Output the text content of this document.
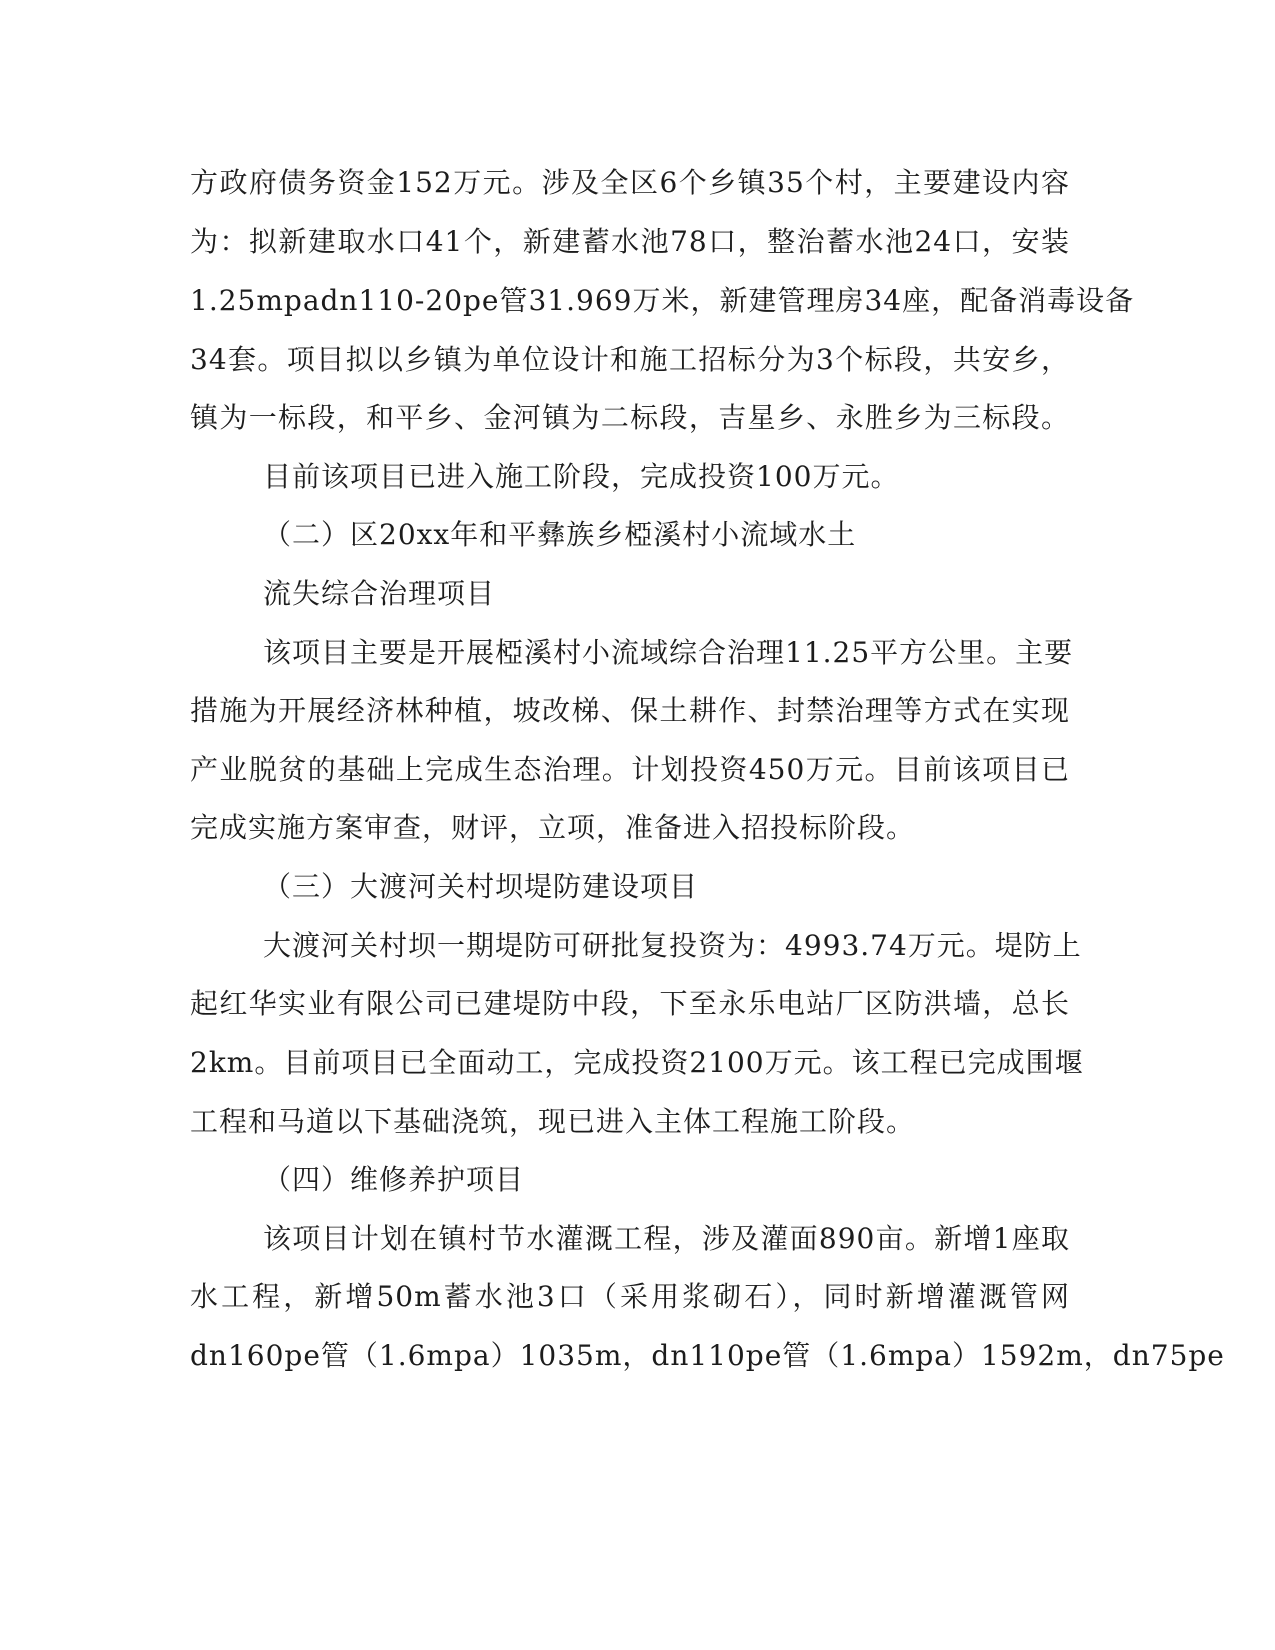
方政府债务资金152万元。涉及全区6个乡镇35个村，主要建设内容
为：拟新建取水口41个，新建蓄水池78口，整治蓄水池24口，安装
1.25mpadn110-20pe管31.969万米，新建管理房34座，配备消毒设备
34套。项目拟以乡镇为单位设计和施工招标分为3个标段，共安乡，
镇为一标段，和平乡、金河镇为二标段，吉星乡、永胜乡为三标段。
目前该项目已进入施工阶段，完成投资100万元。
（二）区20xx年和平彝族乡椏溪村小流域水土
流失综合治理项目
该项目主要是开展椏溪村小流域综合治理11.25平方公里。主要
措施为开展经济林种植，坡改梯、保土耕作、封禁治理等方式在实现
产业脱贫的基础上完成生态治理。计划投资450万元。目前该项目已
完成实施方案审查，财评，立项，准备进入招投标阶段。
（三）大渡河关村坝堤防建设项目
大渡河关村坝一期堤防可研批复投资为：4993.74万元。堤防上
起红华实业有限公司已建堤防中段，下至永乐电站厂区防洪墙，总长
2km。目前项目已全面动工，完成投资2100万元。该工程已完成围堰
工程和马道以下基础浇筑，现已进入主体工程施工阶段。
（四）维修养护项目
该项目计划在镇村节水灌溉工程，涉及灌面890亩。新增1座取
水工程，新增50m蓄水池3口（采用浆砌石），同时新增灌溉管网
dn160pe管（1.6mpa）1035m，dn110pe管（1.6mpa）1592m，dn75pe
